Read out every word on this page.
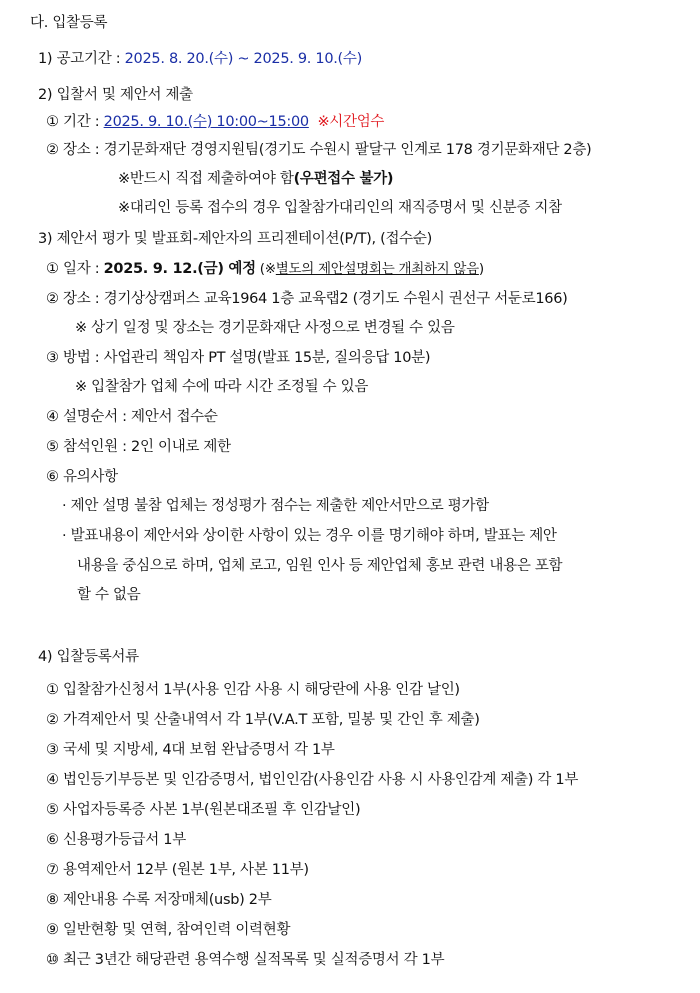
다. 입찰등록
1) 공고기간 : 2025. 8. 20.(수) ~ 2025. 9. 10.(수)
2) 입찰서 및 제안서 제출
① 기간 : 2025. 9. 10.(수) 10:00~15:00 ※시간엄수
② 장소 : 경기문화재단 경영지원팀(경기도 수원시 팔달구 인계로 178 경기문화재단 2층)
※반드시 직접 제출하여야 함(우편접수 불가)
※대리인 등록 접수의 경우 입찰참가대리인의 재직증명서 및 신분증 지참
3) 제안서 평가 및 발표회-제안자의 프리젠테이션(P/T), (접수순)
① 일자 : 2025. 9. 12.(금) 예정 (※별도의 제안설명회는 개최하지 않음)
② 장소 : 경기상상캠퍼스 교육1964 1층 교육랩2 (경기도 수원시 권선구 서둔로166)
※ 상기 일정 및 장소는 경기문화재단 사정으로 변경될 수 있음
③ 방법 : 사업관리 책임자 PT 설명(발표 15분, 질의응답 10분)
※ 입찰참가 업체 수에 따라 시간 조정될 수 있음
④ 설명순서 : 제안서 접수순
⑤ 참석인원 : 2인 이내로 제한
⑥ 유의사항
· 제안 설명 불참 업체는 정성평가 점수는 제출한 제안서만으로 평가함
· 발표내용이 제안서와 상이한 사항이 있는 경우 이를 명기해야 하며, 발표는 제안
내용을 중심으로 하며, 업체 로고, 임원 인사 등 제안업체 홍보 관련 내용은 포함
할 수 없음
4) 입찰등록서류
① 입찰참가신청서 1부(사용 인감 사용 시 해당란에 사용 인감 날인)
② 가격제안서 및 산출내역서 각 1부(V.A.T 포함, 밀봉 및 간인 후 제출)
③ 국세 및 지방세, 4대 보험 완납증명서 각 1부
④ 법인등기부등본 및 인감증명서, 법인인감(사용인감 사용 시 사용인감계 제출) 각 1부
⑤ 사업자등록증 사본 1부(원본대조필 후 인감날인)
⑥ 신용평가등급서 1부
⑦ 용역제안서 12부 (원본 1부, 사본 11부)
⑧ 제안내용 수록 저장매체(usb) 2부
⑨ 일반현황 및 연혁, 참여인력 이력현황
⑩ 최근 3년간 해당관련 용역수행 실적목록 및 실적증명서 각 1부
